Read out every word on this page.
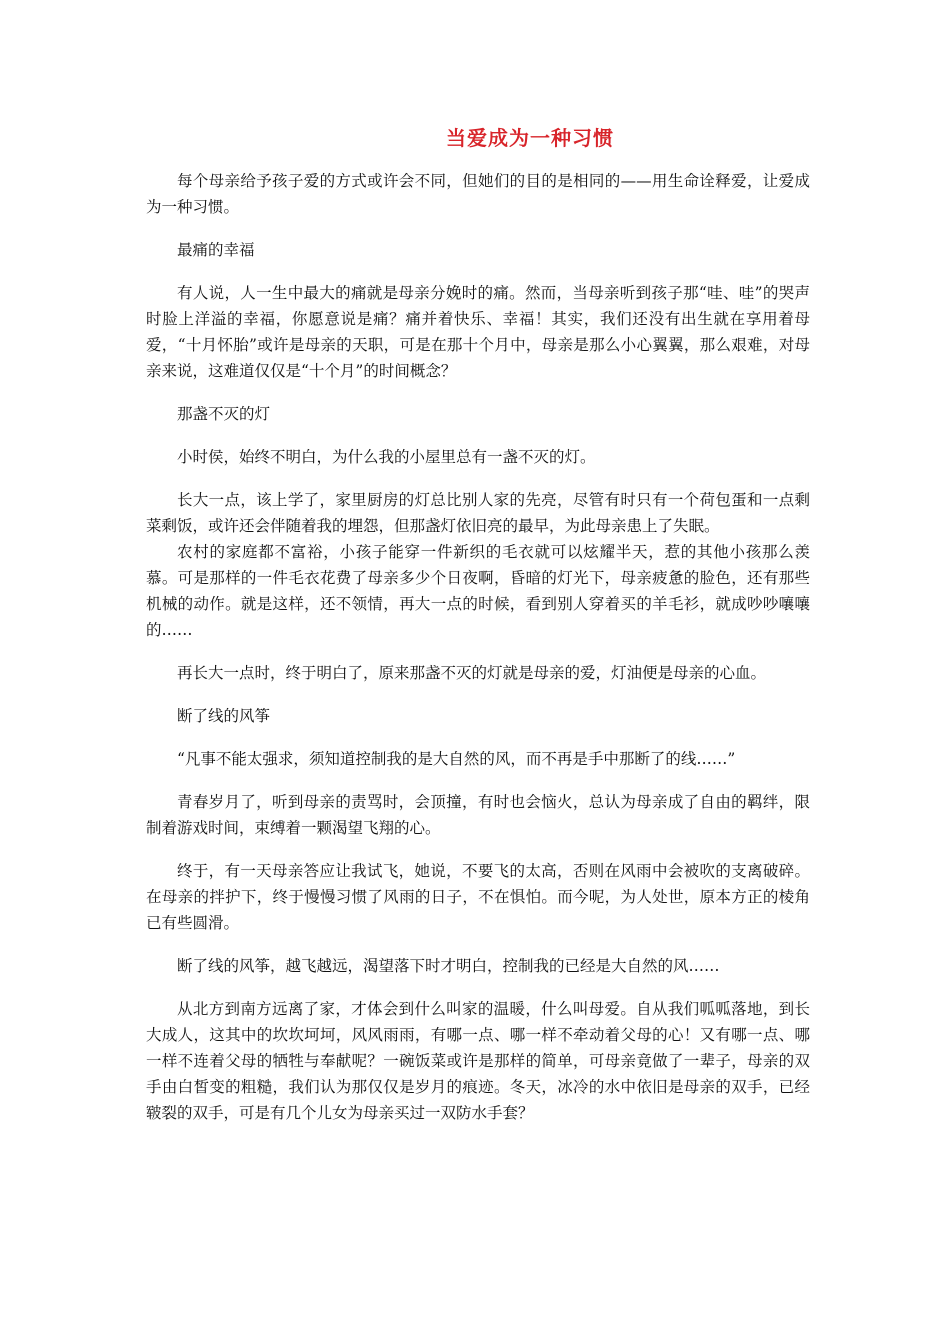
当爱成为一种习惯

每个母亲给予孩子爱的方式或许会不同，但她们的目的是相同的——用生命诠释爱，让爱成为一种习惯。

最痛的幸福

有人说，人一生中最大的痛就是母亲分娩时的痛。然而，当母亲听到孩子那“哇、哇”的哭声时脸上洋溢的幸福，你愿意说是痛？痛并着快乐、幸福！其实，我们还没有出生就在享用着母爱，“十月怀胎”或许是母亲的天职，可是在那十个月中，母亲是那么小心翼翼，那么艰难，对母亲来说，这难道仅仅是“十个月”的时间概念？

那盏不灭的灯

小时侯，始终不明白，为什么我的小屋里总有一盏不灭的灯。

长大一点，该上学了，家里厨房的灯总比别人家的先亮，尽管有时只有一个荷包蛋和一点剩菜剩饭，或许还会伴随着我的埋怨，但那盏灯依旧亮的最早，为此母亲患上了失眠。

农村的家庭都不富裕，小孩子能穿一件新织的毛衣就可以炫耀半天，惹的其他小孩那么羡慕。可是那样的一件毛衣花费了母亲多少个日夜啊，昏暗的灯光下，母亲疲惫的脸色，还有那些机械的动作。就是这样，还不领情，再大一点的时候，看到别人穿着买的羊毛衫，就成吵吵嚷嚷的……

再长大一点时，终于明白了，原来那盏不灭的灯就是母亲的爱，灯油便是母亲的心血。

断了线的风筝

“凡事不能太强求，须知道控制我的是大自然的风，而不再是手中那断了的线……”

青春岁月了，听到母亲的责骂时，会顶撞，有时也会恼火，总认为母亲成了自由的羁绊，限制着游戏时间，束缚着一颗渴望飞翔的心。

终于，有一天母亲答应让我试飞，她说，不要飞的太高，否则在风雨中会被吹的支离破碎。在母亲的拌护下，终于慢慢习惯了风雨的日子，不在惧怕。而今呢，为人处世，原本方正的棱角已有些圆滑。

断了线的风筝，越飞越远，渴望落下时才明白，控制我的已经是大自然的风……

从北方到南方远离了家，才体会到什么叫家的温暖，什么叫母爱。自从我们呱呱落地，到长大成人，这其中的坎坎坷坷，风风雨雨，有哪一点、哪一样不牵动着父母的心！又有哪一点、哪一样不连着父母的牺牲与奉献呢？一碗饭菜或许是那样的简单，可母亲竟做了一辈子，母亲的双手由白皙变的粗糙，我们认为那仅仅是岁月的痕迹。冬天，冰冷的水中依旧是母亲的双手，已经皲裂的双手，可是有几个儿女为母亲买过一双防水手套？
